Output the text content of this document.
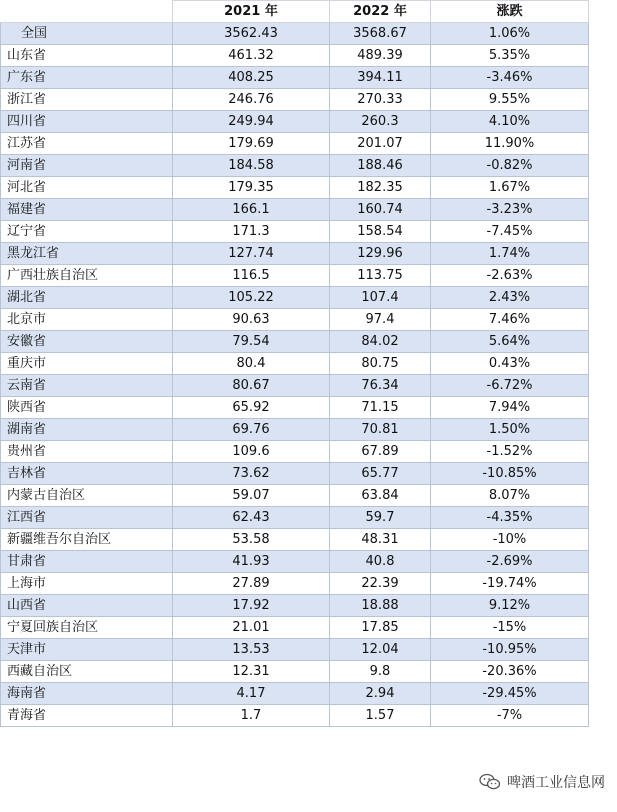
	2021 年	2022 年	涨跌
全国	3562.43	3568.67	1.06%
山东省	461.32	489.39	5.35%
广东省	408.25	394.11	-3.46%
浙江省	246.76	270.33	9.55%
四川省	249.94	260.3	4.10%
江苏省	179.69	201.07	11.90%
河南省	184.58	188.46	-0.82%
河北省	179.35	182.35	1.67%
福建省	166.1	160.74	-3.23%
辽宁省	171.3	158.54	-7.45%
黑龙江省	127.74	129.96	1.74%
广西壮族自治区	116.5	113.75	-2.63%
湖北省	105.22	107.4	2.43%
北京市	90.63	97.4	7.46%
安徽省	79.54	84.02	5.64%
重庆市	80.4	80.75	0.43%
云南省	80.67	76.34	-6.72%
陕西省	65.92	71.15	7.94%
湖南省	69.76	70.81	1.50%
贵州省	109.6	67.89	-1.52%
吉林省	73.62	65.77	-10.85%
内蒙古自治区	59.07	63.84	8.07%
江西省	62.43	59.7	-4.35%
新疆维吾尔自治区	53.58	48.31	-10%
甘肃省	41.93	40.8	-2.69%
上海市	27.89	22.39	-19.74%
山西省	17.92	18.88	9.12%
宁夏回族自治区	21.01	17.85	-15%
天津市	13.53	12.04	-10.95%
西藏自治区	12.31	9.8	-20.36%
海南省	4.17	2.94	-29.45%
青海省	1.7	1.57	-7%
啤酒工业信息网
